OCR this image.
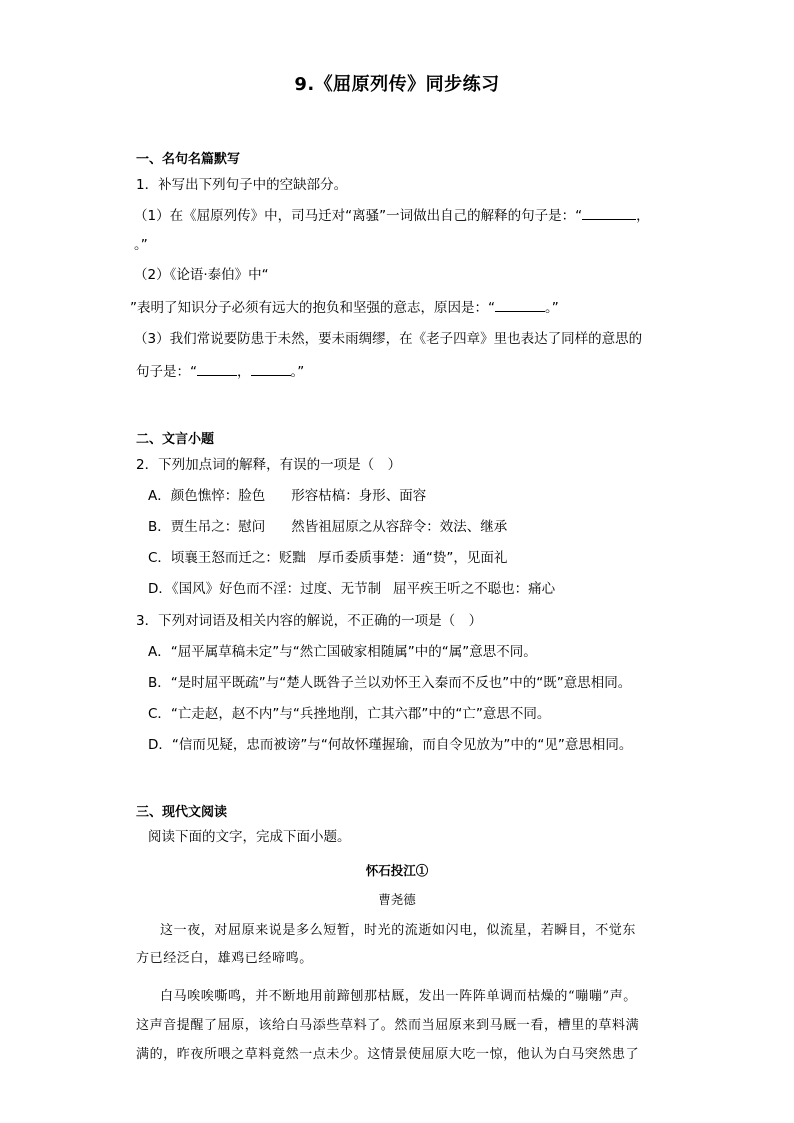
9.《屈原列传》同步练习
一、名句名篇默写
1．补写出下列句子中的空缺部分。
（1）在《屈原列传》中，司马迁对“离骚”一词做出自己的解释的句子是：“	，
。”
（2）《论语·泰伯》中“
”表明了知识分子必须有远大的抱负和坚强的意志，原因是：“	。”
（3）我们常说要防患于未然，要未雨绸缪，在《老子四章》里也表达了同样的意思的
句子是：“	，	。”
二、文言小题
2．下列加点词的解释，有误的一项是（　）
A．颜色憔悴：脸色 形容枯槁：身形、面容
B．贾生吊之：慰问 然皆祖屈原之从容辞令：效法、继承
C．顷襄王怒而迁之：贬黜 厚币委质事楚：通“贽”，见面礼
D．《国风》好色而不淫：过度、无节制 屈平疾王听之不聪也：痛心
3．下列对词语及相关内容的解说，不正确的一项是（　）
A．“屈平属草稿未定”与“然亡国破家相随属”中的“属”意思不同。
B．“是时屈平既疏”与“楚人既咎子兰以劝怀王入秦而不反也”中的“既”意思相同。
C．“亡走赵，赵不内”与“兵挫地削，亡其六郡”中的“亡”意思不同。
D．“信而见疑，忠而被谤”与“何故怀瑾握瑜，而自令见放为”中的“见”意思相同。
三、现代文阅读
阅读下面的文字，完成下面小题。
怀石投江①
曹尧德
这一夜，对屈原来说是多么短暂，时光的流逝如闪电，似流星，若瞬目，不觉东
方已经泛白，雄鸡已经啼鸣。
白马唉唉嘶鸣，并不断地用前蹄刨那枯厩，发出一阵阵单调而枯燥的“嘣嘣”声。
这声音提醒了屈原，该给白马添些草料了。然而当屈原来到马厩一看，槽里的草料满
满的，昨夜所喂之草料竟然一点未少。这情景使屈原大吃一惊，他认为白马突然患了
